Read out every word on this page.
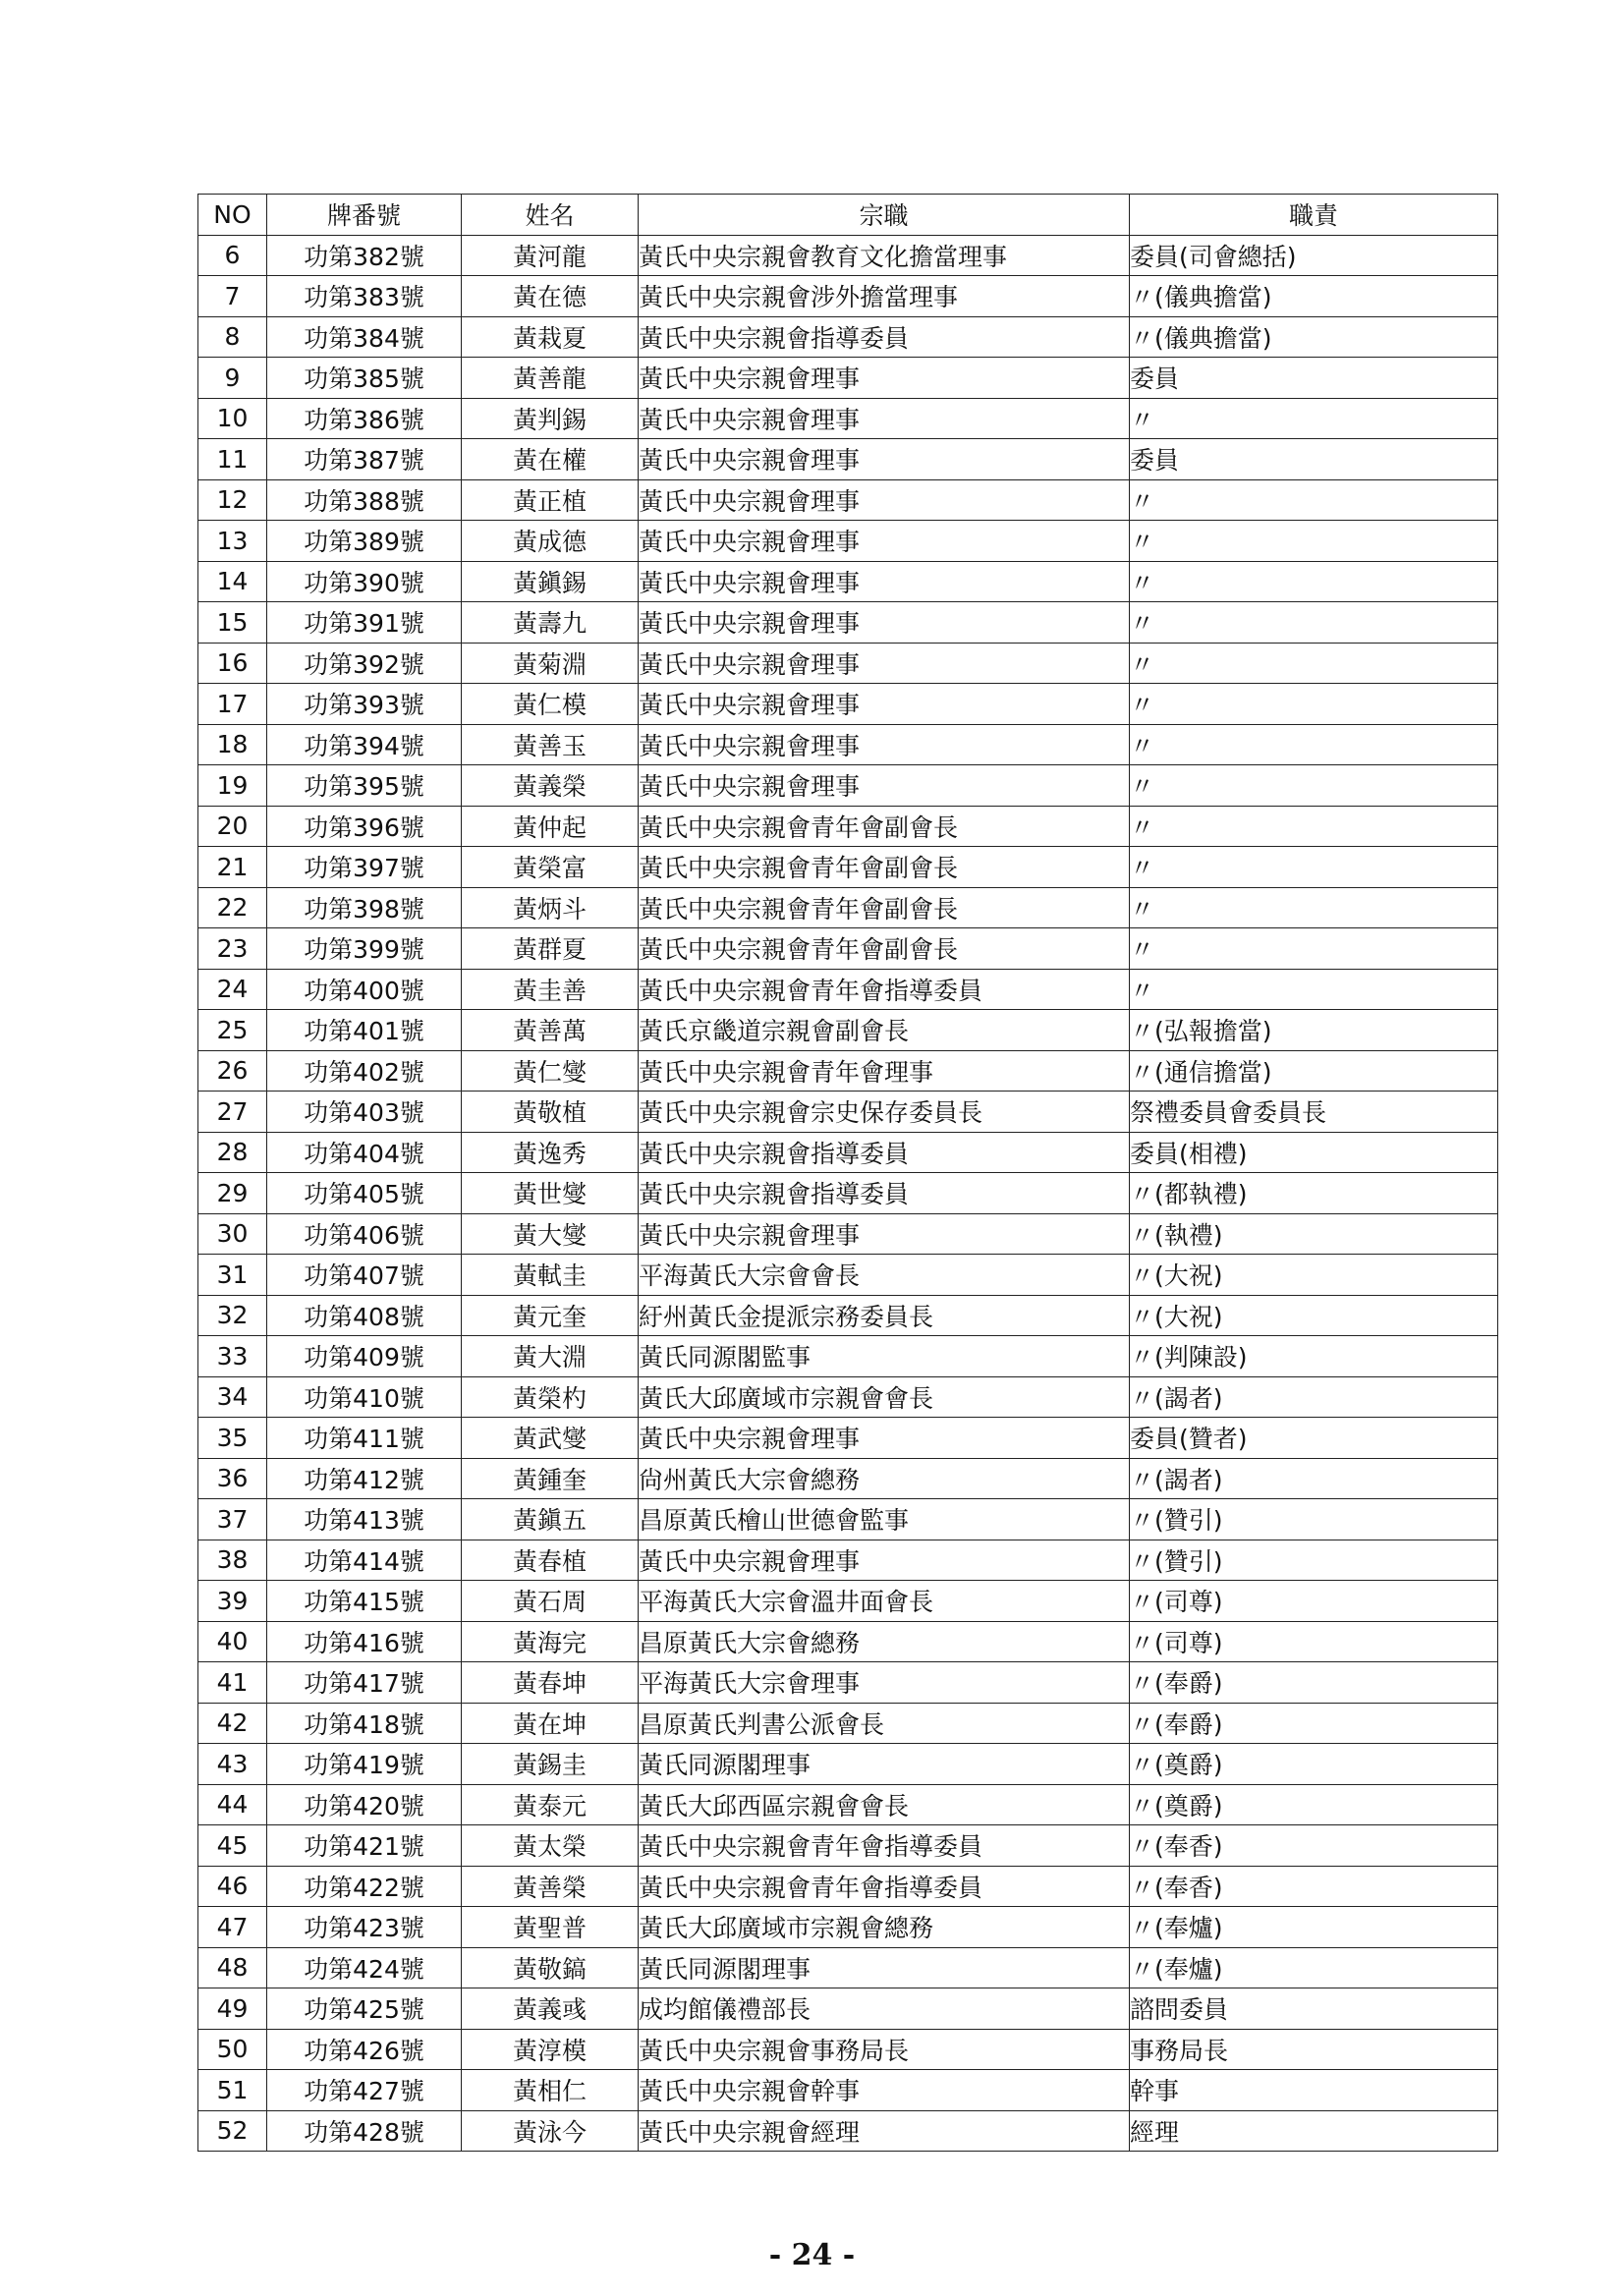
NO	牌番號	姓名	宗職	職責
6	功第382號	黃河龍	黃氏中央宗親會教育文化擔當理事	委員(司會總括)
7	功第383號	黃在德	黃氏中央宗親會涉外擔當理事	〃(儀典擔當)
8	功第384號	黃栽夏	黃氏中央宗親會指導委員	〃(儀典擔當)
9	功第385號	黃善龍	黃氏中央宗親會理事	委員
10	功第386號	黃判錫	黃氏中央宗親會理事	〃
11	功第387號	黃在權	黃氏中央宗親會理事	委員
12	功第388號	黃正植	黃氏中央宗親會理事	〃
13	功第389號	黃成德	黃氏中央宗親會理事	〃
14	功第390號	黃鎭錫	黃氏中央宗親會理事	〃
15	功第391號	黃壽九	黃氏中央宗親會理事	〃
16	功第392號	黃菊淵	黃氏中央宗親會理事	〃
17	功第393號	黃仁模	黃氏中央宗親會理事	〃
18	功第394號	黃善玉	黃氏中央宗親會理事	〃
19	功第395號	黃義榮	黃氏中央宗親會理事	〃
20	功第396號	黃仲起	黃氏中央宗親會青年會副會長	〃
21	功第397號	黃榮富	黃氏中央宗親會青年會副會長	〃
22	功第398號	黃炳斗	黃氏中央宗親會青年會副會長	〃
23	功第399號	黃群夏	黃氏中央宗親會青年會副會長	〃
24	功第400號	黃圭善	黃氏中央宗親會青年會指導委員	〃
25	功第401號	黃善萬	黃氏京畿道宗親會副會長	〃(弘報擔當)
26	功第402號	黃仁燮	黃氏中央宗親會青年會理事	〃(通信擔當)
27	功第403號	黃敬植	黃氏中央宗親會宗史保存委員長	祭禮委員會委員長
28	功第404號	黃逸秀	黃氏中央宗親會指導委員	委員(相禮)
29	功第405號	黃世燮	黃氏中央宗親會指導委員	〃(都執禮)
30	功第406號	黃大燮	黃氏中央宗親會理事	〃(執禮)
31	功第407號	黃軾圭	平海黃氏大宗會會長	〃(大祝)
32	功第408號	黃元奎	紆州黃氏金提派宗務委員長	〃(大祝)
33	功第409號	黃大淵	黃氏同源閣監事	〃(判陳設)
34	功第410號	黃榮杓	黃氏大邱廣域市宗親會會長	〃(謁者)
35	功第411號	黃武燮	黃氏中央宗親會理事	委員(贊者)
36	功第412號	黃鍾奎	尙州黃氏大宗會總務	〃(謁者)
37	功第413號	黃鎭五	昌原黃氏檜山世德會監事	〃(贊引)
38	功第414號	黃春植	黃氏中央宗親會理事	〃(贊引)
39	功第415號	黃石周	平海黃氏大宗會溫井面會長	〃(司尊)
40	功第416號	黃海完	昌原黃氏大宗會總務	〃(司尊)
41	功第417號	黃春坤	平海黃氏大宗會理事	〃(奉爵)
42	功第418號	黃在坤	昌原黃氏判書公派會長	〃(奉爵)
43	功第419號	黃錫圭	黃氏同源閣理事	〃(奠爵)
44	功第420號	黃泰元	黃氏大邱西區宗親會會長	〃(奠爵)
45	功第421號	黃太榮	黃氏中央宗親會青年會指導委員	〃(奉香)
46	功第422號	黃善榮	黃氏中央宗親會青年會指導委員	〃(奉香)
47	功第423號	黃聖普	黃氏大邱廣域市宗親會總務	〃(奉爐)
48	功第424號	黃敬鎬	黃氏同源閣理事	〃(奉爐)
49	功第425號	黃義彧	成均館儀禮部長	諮問委員
50	功第426號	黃淳模	黃氏中央宗親會事務局長	事務局長
51	功第427號	黃相仁	黃氏中央宗親會幹事	幹事
52	功第428號	黃泳今	黃氏中央宗親會經理	經理
- 24 -
